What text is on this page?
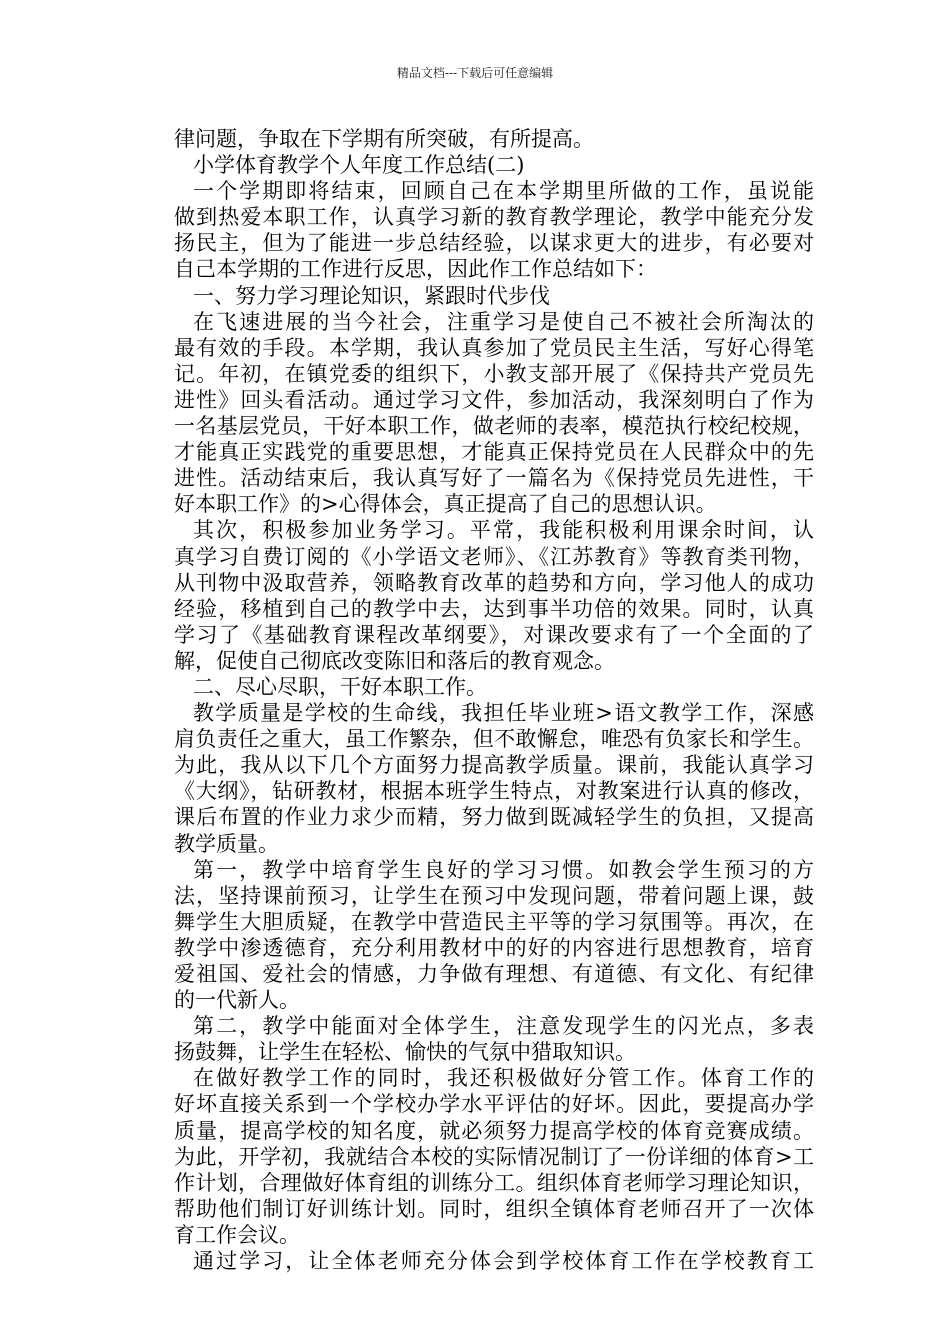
精品文档---下载后可任意编辑
律问题，争取在下学期有所突破，有所提高。
小学体育教学个人年度工作总结(二)
一个学期即将结束，回顾自己在本学期里所做的工作，虽说能
做到热爱本职工作，认真学习新的教育教学理论，教学中能充分发
扬民主，但为了能进一步总结经验，以谋求更大的进步，有必要对
自己本学期的工作进行反思，因此作工作总结如下：
一、努力学习理论知识，紧跟时代步伐
在飞速进展的当今社会，注重学习是使自己不被社会所淘汰的
最有效的手段。本学期，我认真参加了党员民主生活，写好心得笔
记。年初，在镇党委的组织下，小教支部开展了《保持共产党员先
进性》回头看活动。通过学习文件，参加活动，我深刻明白了作为
一名基层党员，干好本职工作，做老师的表率，模范执行校纪校规，
才能真正实践党的重要思想，才能真正保持党员在人民群众中的先
进性。活动结束后，我认真写好了一篇名为《保持党员先进性，干
好本职工作》的>心得体会，真正提高了自己的思想认识。
其次，积极参加业务学习。平常，我能积极利用课余时间，认
真学习自费订阅的《小学语文老师》、《江苏教育》等教育类刊物，
从刊物中汲取营养，领略教育改革的趋势和方向，学习他人的成功
经验，移植到自己的教学中去，达到事半功倍的效果。同时，认真
学习了《基础教育课程改革纲要》，对课改要求有了一个全面的了
解，促使自己彻底改变陈旧和落后的教育观念。
二、尽心尽职，干好本职工作。
教学质量是学校的生命线，我担任毕业班>语文教学工作，深感
肩负责任之重大，虽工作繁杂，但不敢懈怠，唯恐有负家长和学生。
为此，我从以下几个方面努力提高教学质量。课前，我能认真学习
《大纲》，钻研教材，根据本班学生特点，对教案进行认真的修改，
课后布置的作业力求少而精，努力做到既减轻学生的负担，又提高
教学质量。
第一，教学中培育学生良好的学习习惯。如教会学生预习的方
法，坚持课前预习，让学生在预习中发现问题，带着问题上课，鼓
舞学生大胆质疑，在教学中营造民主平等的学习氛围等。再次，在
教学中渗透德育，充分利用教材中的好的内容进行思想教育，培育
爱祖国、爱社会的情感，力争做有理想、有道德、有文化、有纪律
的一代新人。
第二，教学中能面对全体学生，注意发现学生的闪光点，多表
扬鼓舞，让学生在轻松、愉快的气氛中猎取知识。
在做好教学工作的同时，我还积极做好分管工作。体育工作的
好坏直接关系到一个学校办学水平评估的好坏。因此，要提高办学
质量，提高学校的知名度，就必须努力提高学校的体育竞赛成绩。
为此，开学初，我就结合本校的实际情况制订了一份详细的体育>工
作计划，合理做好体育组的训练分工。组织体育老师学习理论知识，
帮助他们制订好训练计划。同时，组织全镇体育老师召开了一次体
育工作会议。
通过学习，让全体老师充分体会到学校体育工作在学校教育工
